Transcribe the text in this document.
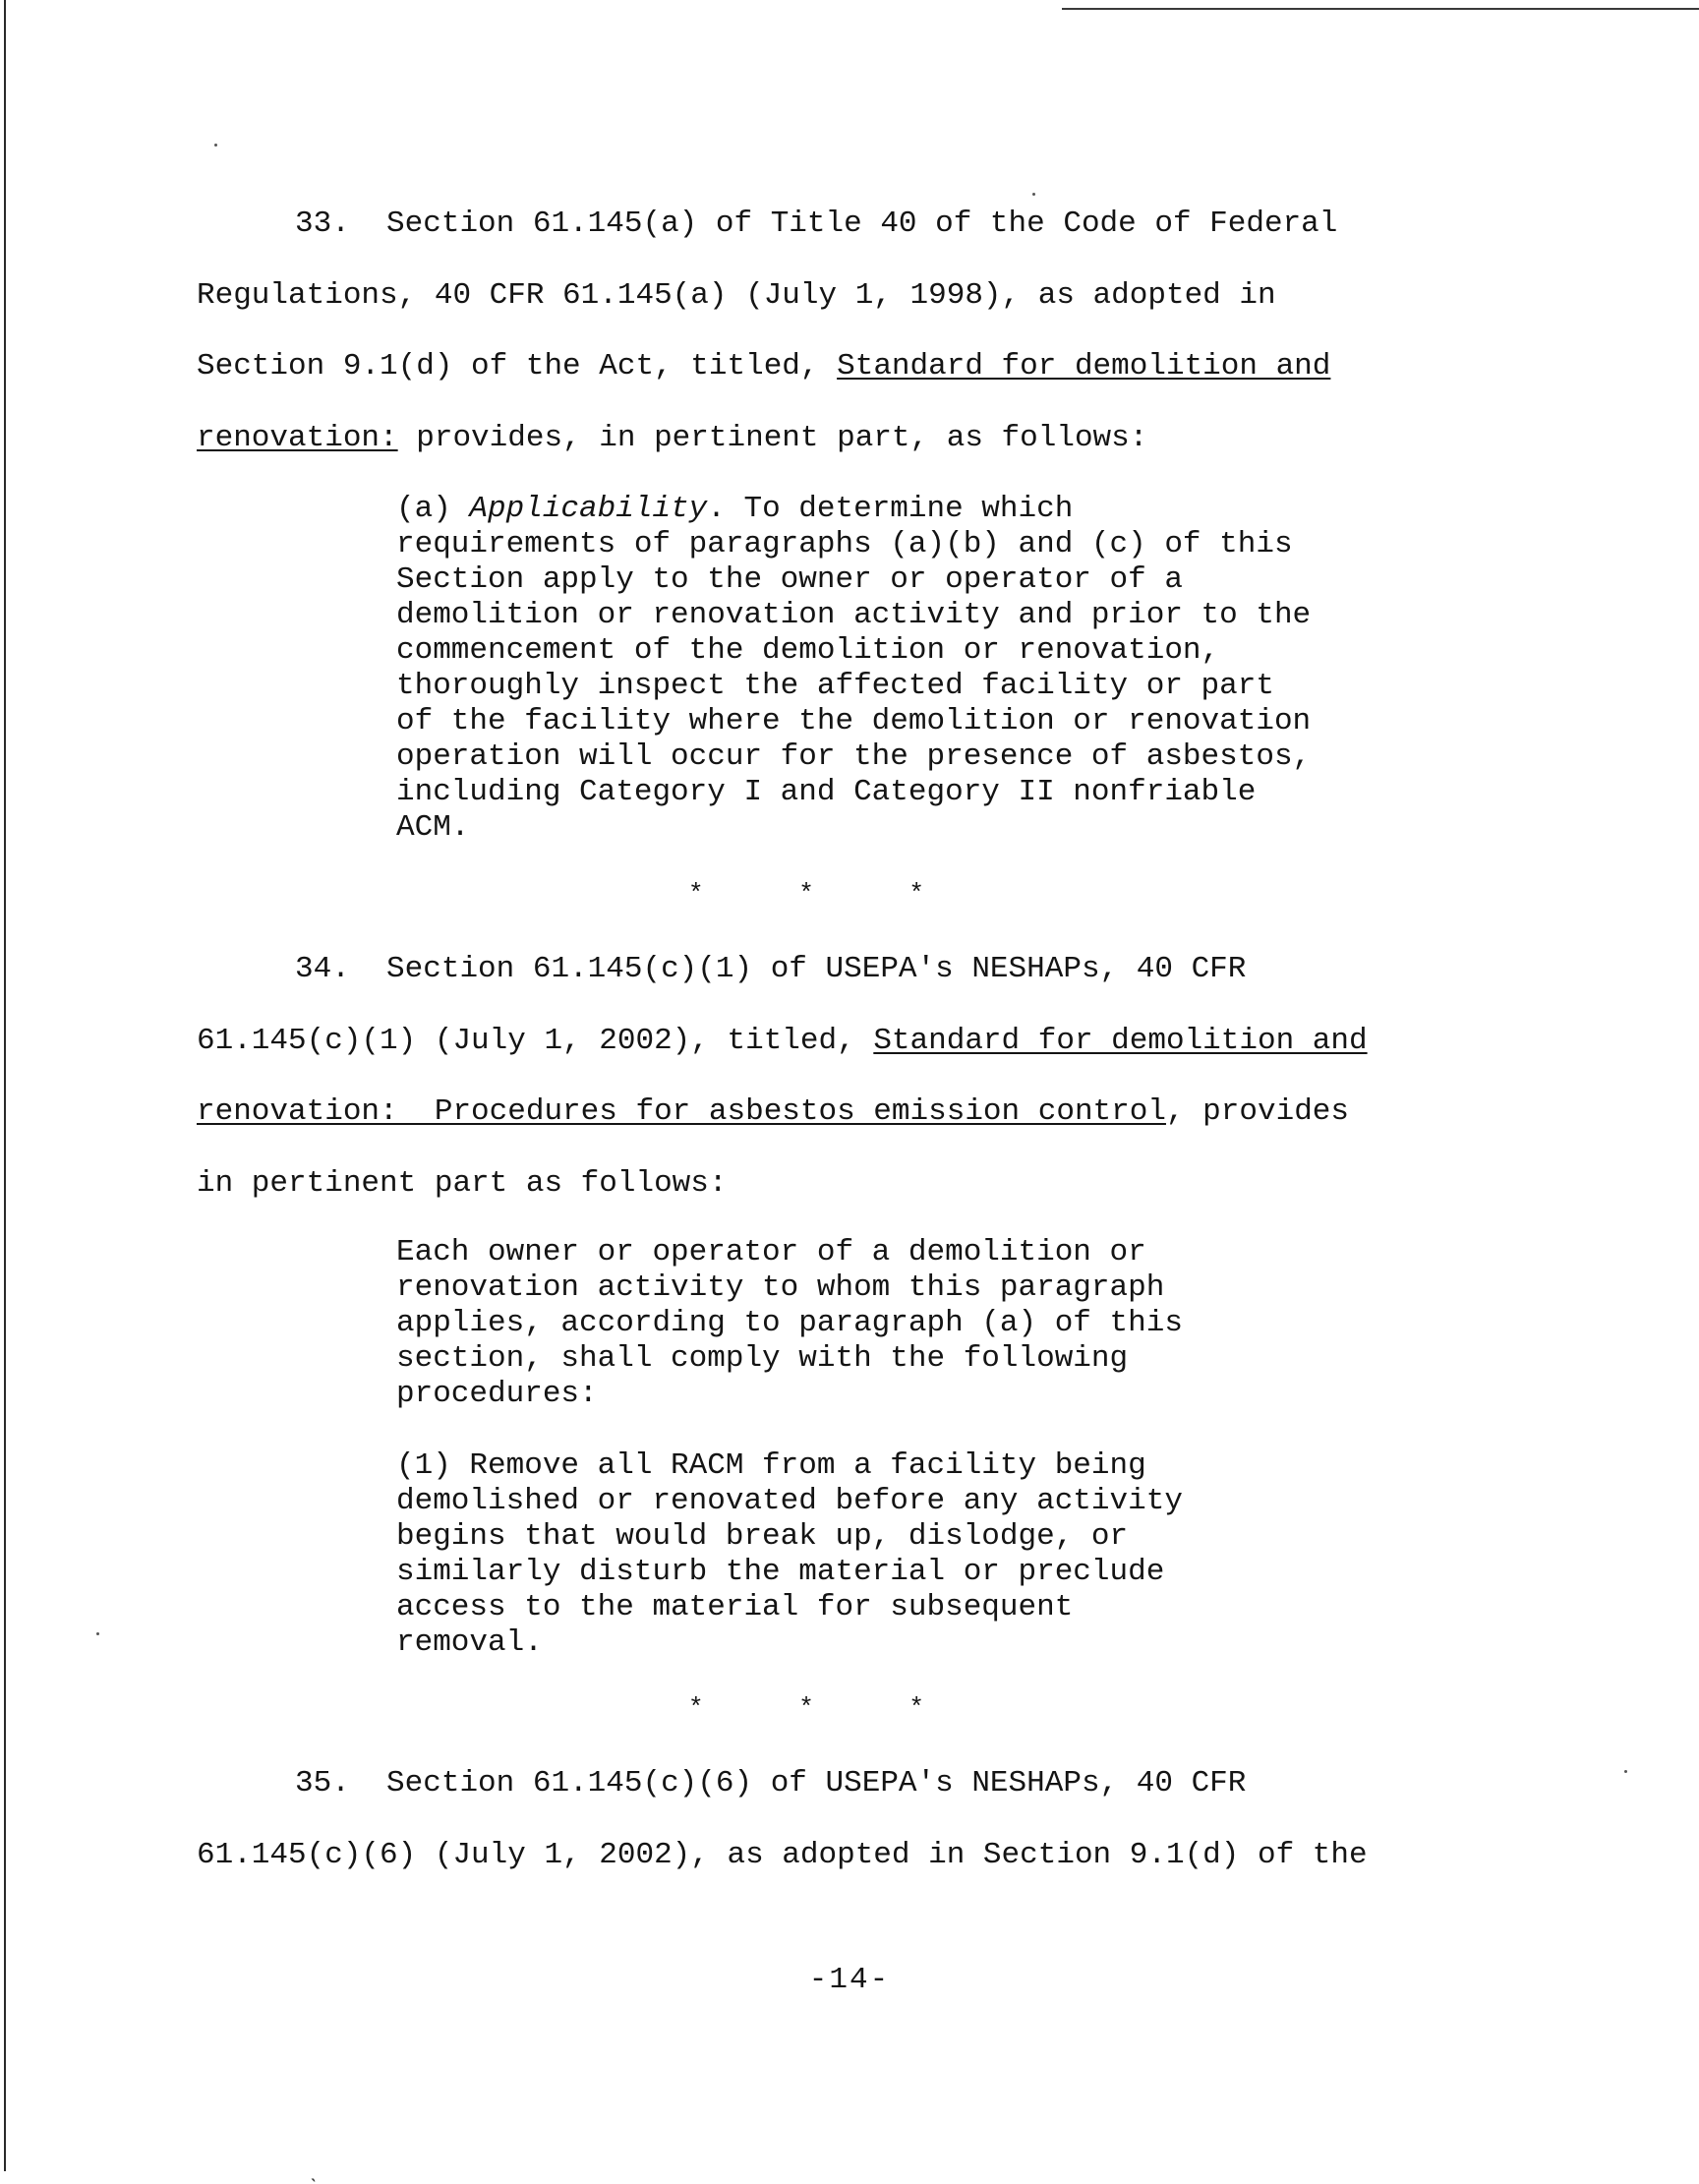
ˎ
33. Section 61.145(a) of Title 40 of the Code of Federal
Regulations, 40 CFR 61.145(a) (July 1, 1998), as adopted in
Section 9.1(d) of the Act, titled, Standard for demolition and
renovation: provides, in pertinent part, as follows:
(a) Applicability. To determine which
requirements of paragraphs (a)(b) and (c) of this
Section apply to the owner or operator of a
demolition or renovation activity and prior to the
commencement of the demolition or renovation,
thoroughly inspect the affected facility or part
of the facility where the demolition or renovation
operation will occur for the presence of asbestos,
including Category I and Category II nonfriable
ACM.
*	*	*
34. Section 61.145(c)(1) of USEPA's NESHAPs, 40 CFR
61.145(c)(1) (July 1, 2002), titled, Standard for demolition and
renovation:  Procedures for asbestos emission control, provides
in pertinent part as follows:
Each owner or operator of a demolition or
renovation activity to whom this paragraph
applies, according to paragraph (a) of this
section, shall comply with the following
procedures:
(1) Remove all RACM from a facility being
demolished or renovated before any activity
begins that would break up, dislodge, or
similarly disturb the material or preclude
access to the material for subsequent
removal.
*	*	*
35. Section 61.145(c)(6) of USEPA's NESHAPs, 40 CFR
61.145(c)(6) (July 1, 2002), as adopted in Section 9.1(d) of the
-14-
